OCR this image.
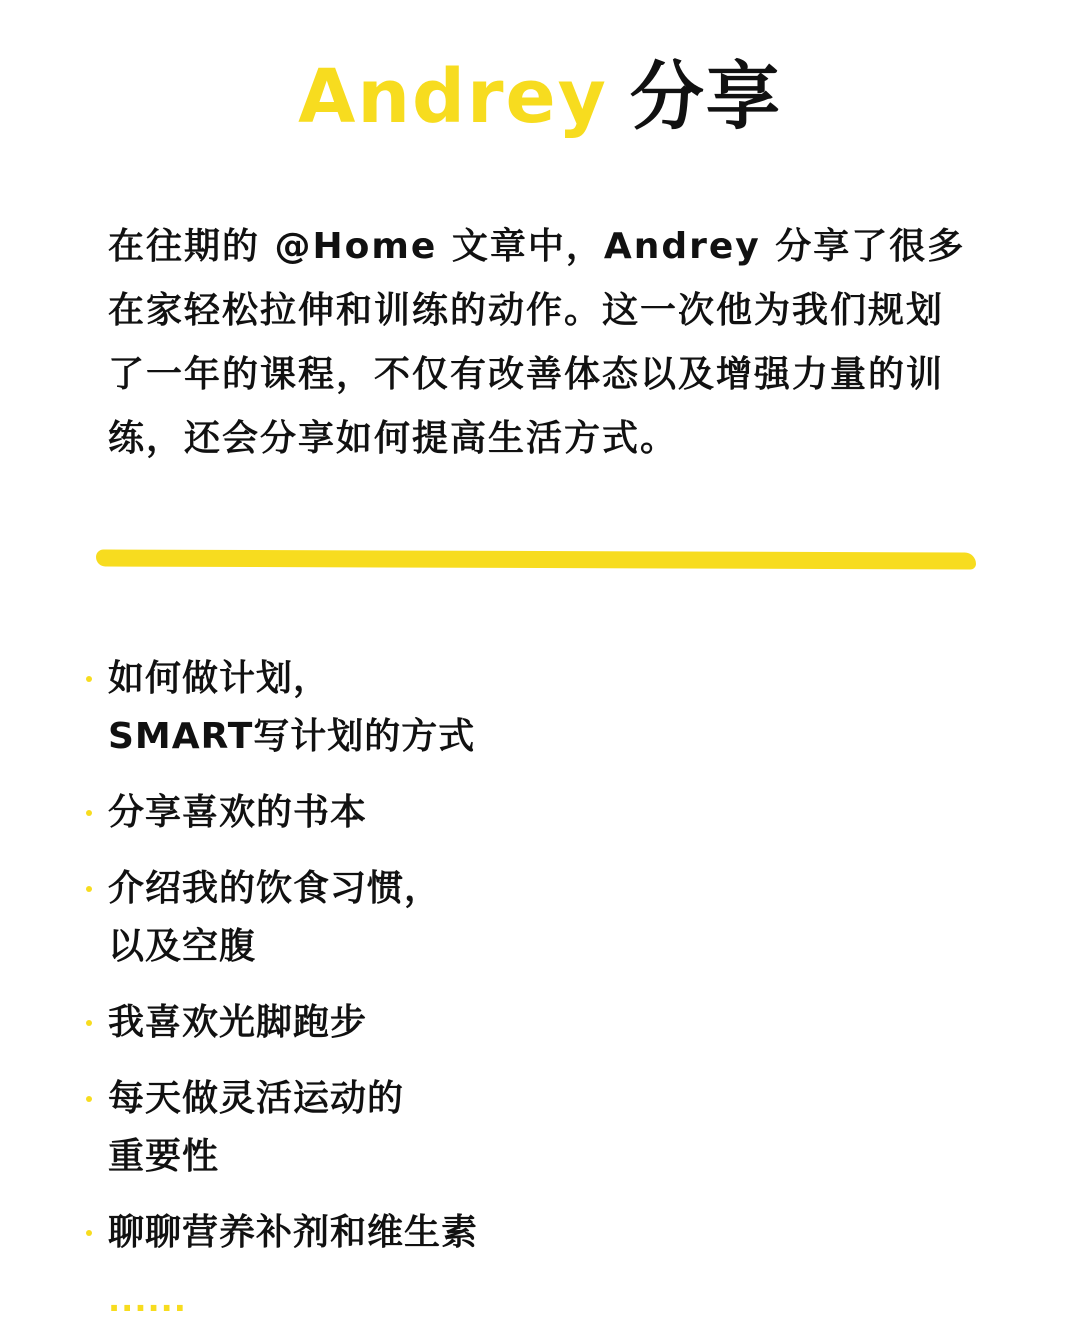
Andrey 分享

在往期的 @Home 文章中，Andrey 分享了很多在家轻松拉伸和训练的动作。这一次他为我们规划了一年的课程，不仅有改善体态以及增强力量的训练，还会分享如何提高生活方式。

如何做计划，
SMART写计划的方式
分享喜欢的书本
介绍我的饮食习惯，
以及空腹
我喜欢光脚跑步
每天做灵活运动的
重要性
聊聊营养补剂和维生素
......
